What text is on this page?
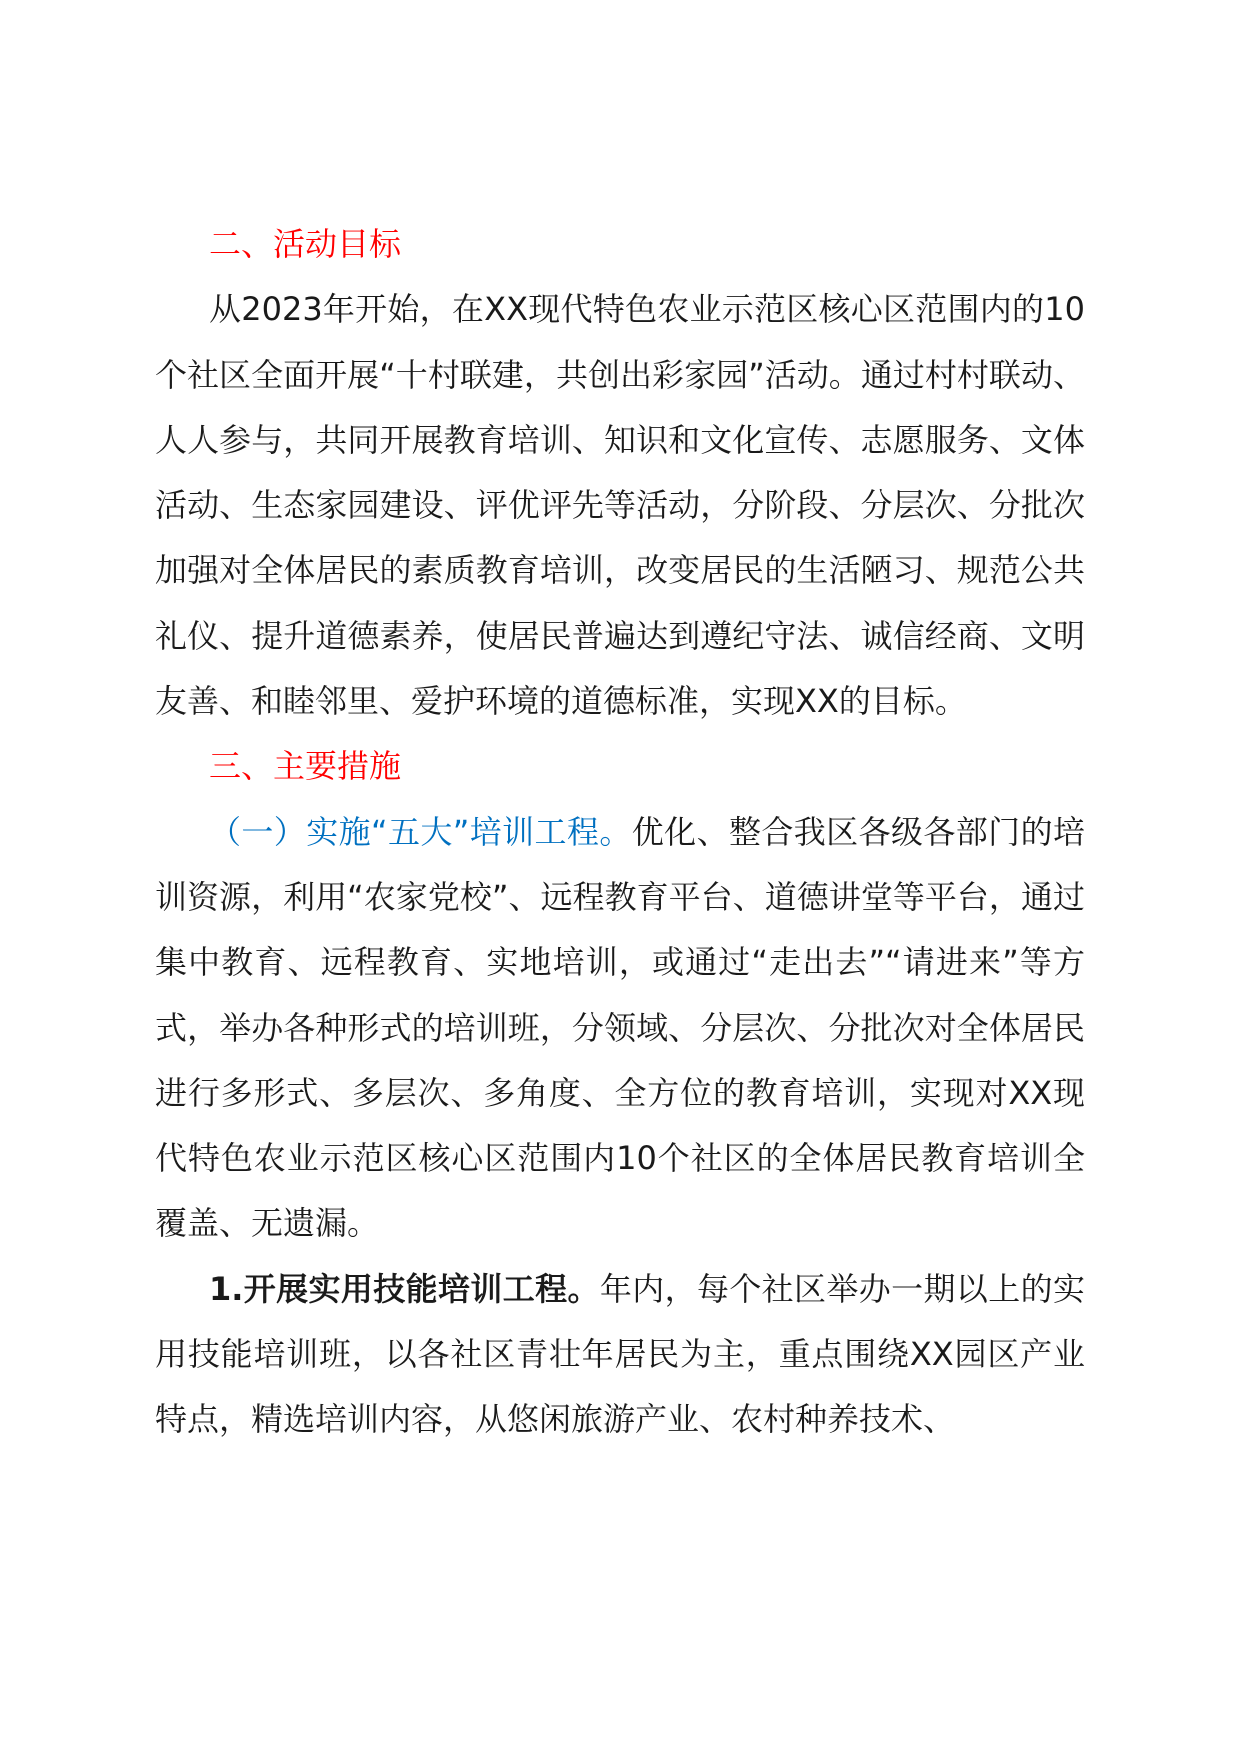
二、活动目标

从2023年开始，在XX现代特色农业示范区核心区范围内的10个社区全面开展“十村联建，共创出彩家园”活动。通过村村联动、人人参与，共同开展教育培训、知识和文化宣传、志愿服务、文体活动、生态家园建设、评优评先等活动，分阶段、分层次、分批次加强对全体居民的素质教育培训，改变居民的生活陋习、规范公共礼仪、提升道德素养，使居民普遍达到遵纪守法、诚信经商、文明友善、和睦邻里、爱护环境的道德标准，实现XX的目标。

三、主要措施

（一）实施“五大”培训工程。优化、整合我区各级各部门的培训资源，利用“农家党校”、远程教育平台、道德讲堂等平台，通过集中教育、远程教育、实地培训，或通过“走出去”“请进来”等方式，举办各种形式的培训班，分领域、分层次、分批次对全体居民进行多形式、多层次、多角度、全方位的教育培训，实现对XX现代特色农业示范区核心区范围内10个社区的全体居民教育培训全覆盖、无遗漏。

1.开展实用技能培训工程。年内，每个社区举办一期以上的实用技能培训班，以各社区青壮年居民为主，重点围绕XX园区产业特点，精选培训内容，从悠闲旅游产业、农村种养技术、
